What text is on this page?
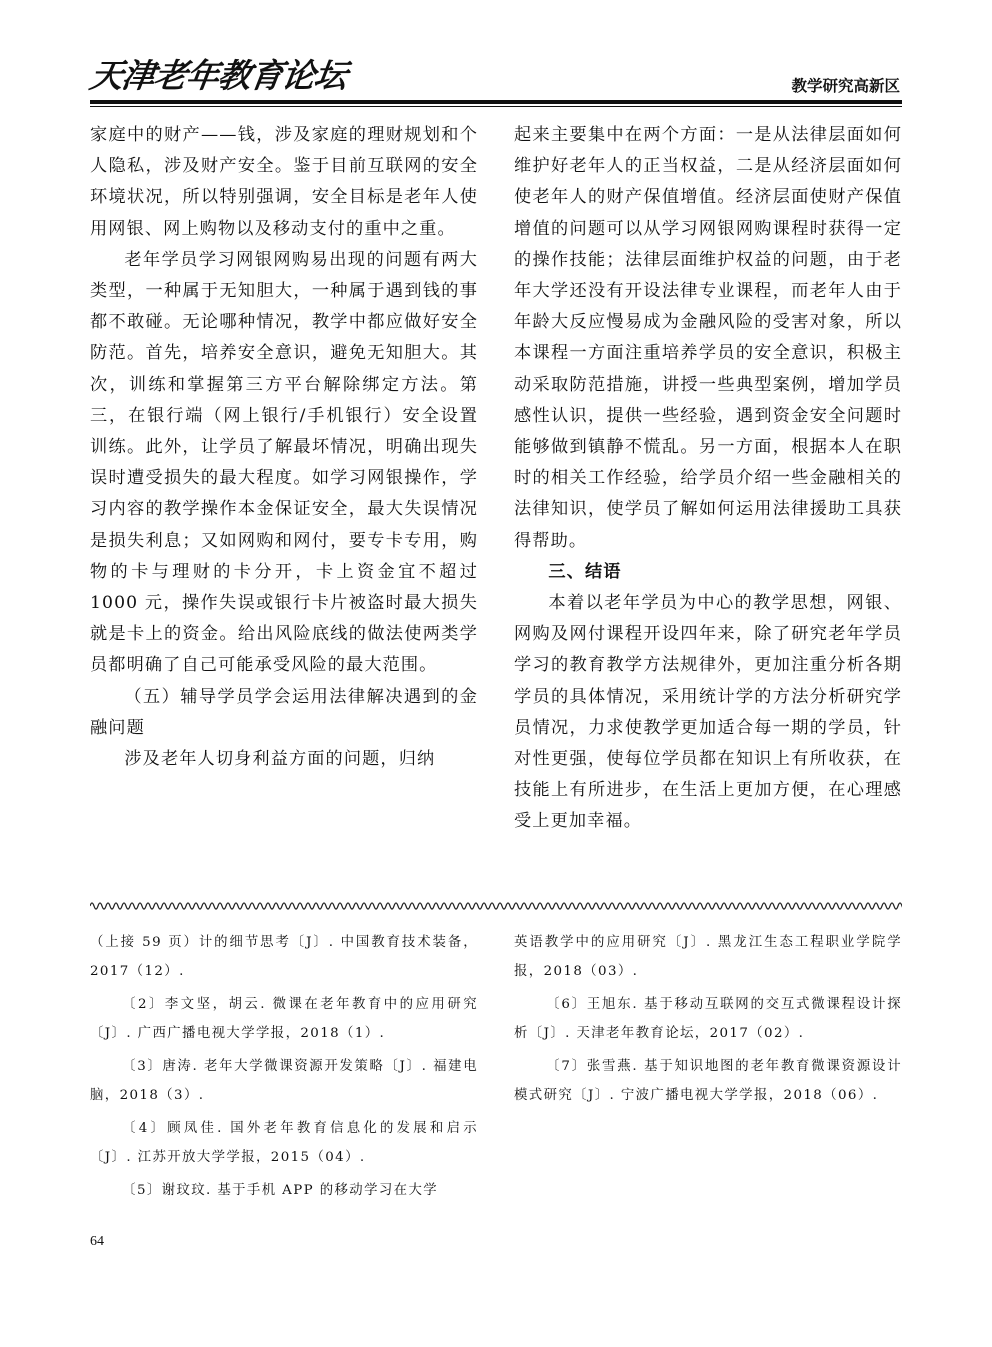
天津老年教育论坛	教学研究高新区

家庭中的财产——钱，涉及家庭的理财规划和个人隐私，涉及财产安全。鉴于目前互联网的安全环境状况，所以特别强调，安全目标是老年人使用网银、网上购物以及移动支付的重中之重。

老年学员学习网银网购易出现的问题有两大类型，一种属于无知胆大，一种属于遇到钱的事都不敢碰。无论哪种情况，教学中都应做好安全防范。首先，培养安全意识，避免无知胆大。其次，训练和掌握第三方平台解除绑定方法。第三，在银行端（网上银行/手机银行）安全设置训练。此外，让学员了解最坏情况，明确出现失误时遭受损失的最大程度。如学习网银操作，学习内容的教学操作本金保证安全，最大失误情况是损失利息；又如网购和网付，要专卡专用，购物的卡与理财的卡分开，卡上资金宜不超过1000 元，操作失误或银行卡片被盗时最大损失就是卡上的资金。给出风险底线的做法使两类学员都明确了自己可能承受风险的最大范围。

（五）辅导学员学会运用法律解决遇到的金融问题

涉及老年人切身利益方面的问题，归纳

起来主要集中在两个方面：一是从法律层面如何维护好老年人的正当权益，二是从经济层面如何使老年人的财产保值增值。经济层面使财产保值增值的问题可以从学习网银网购课程时获得一定的操作技能；法律层面维护权益的问题，由于老年大学还没有开设法律专业课程，而老年人由于年龄大反应慢易成为金融风险的受害对象，所以本课程一方面注重培养学员的安全意识，积极主动采取防范措施，讲授一些典型案例，增加学员感性认识，提供一些经验，遇到资金安全问题时能够做到镇静不慌乱。另一方面，根据本人在职时的相关工作经验，给学员介绍一些金融相关的法律知识，使学员了解如何运用法律援助工具获得帮助。

三、结语

本着以老年学员为中心的教学思想，网银、网购及网付课程开设四年来，除了研究老年学员学习的教育教学方法规律外，更加注重分析各期学员的具体情况，采用统计学的方法分析研究学员情况，力求使教学更加适合每一期的学员，针对性更强，使每位学员都在知识上有所收获，在技能上有所进步，在生活上更加方便，在心理感受上更加幸福。

（上接 59 页）计的细节思考〔J〕. 中国教育技术装备，2017（12）.

〔2〕李文坚，胡云. 微课在老年教育中的应用研究〔J〕. 广西广播电视大学学报，2018（1）.

〔3〕唐涛. 老年大学微课资源开发策略〔J〕. 福建电脑，2018（3）.

〔4〕顾凤佳. 国外老年教育信息化的发展和启示〔J〕. 江苏开放大学学报，2015（04）.

〔5〕谢玟玟. 基于手机 APP 的移动学习在大学

英语教学中的应用研究〔J〕. 黑龙江生态工程职业学院学报，2018（03）.

〔6〕王旭东. 基于移动互联网的交互式微课程设计探析〔J〕. 天津老年教育论坛，2017（02）.

〔7〕张雪燕. 基于知识地图的老年教育微课资源设计模式研究〔J〕. 宁波广播电视大学学报，2018（06）.

64
